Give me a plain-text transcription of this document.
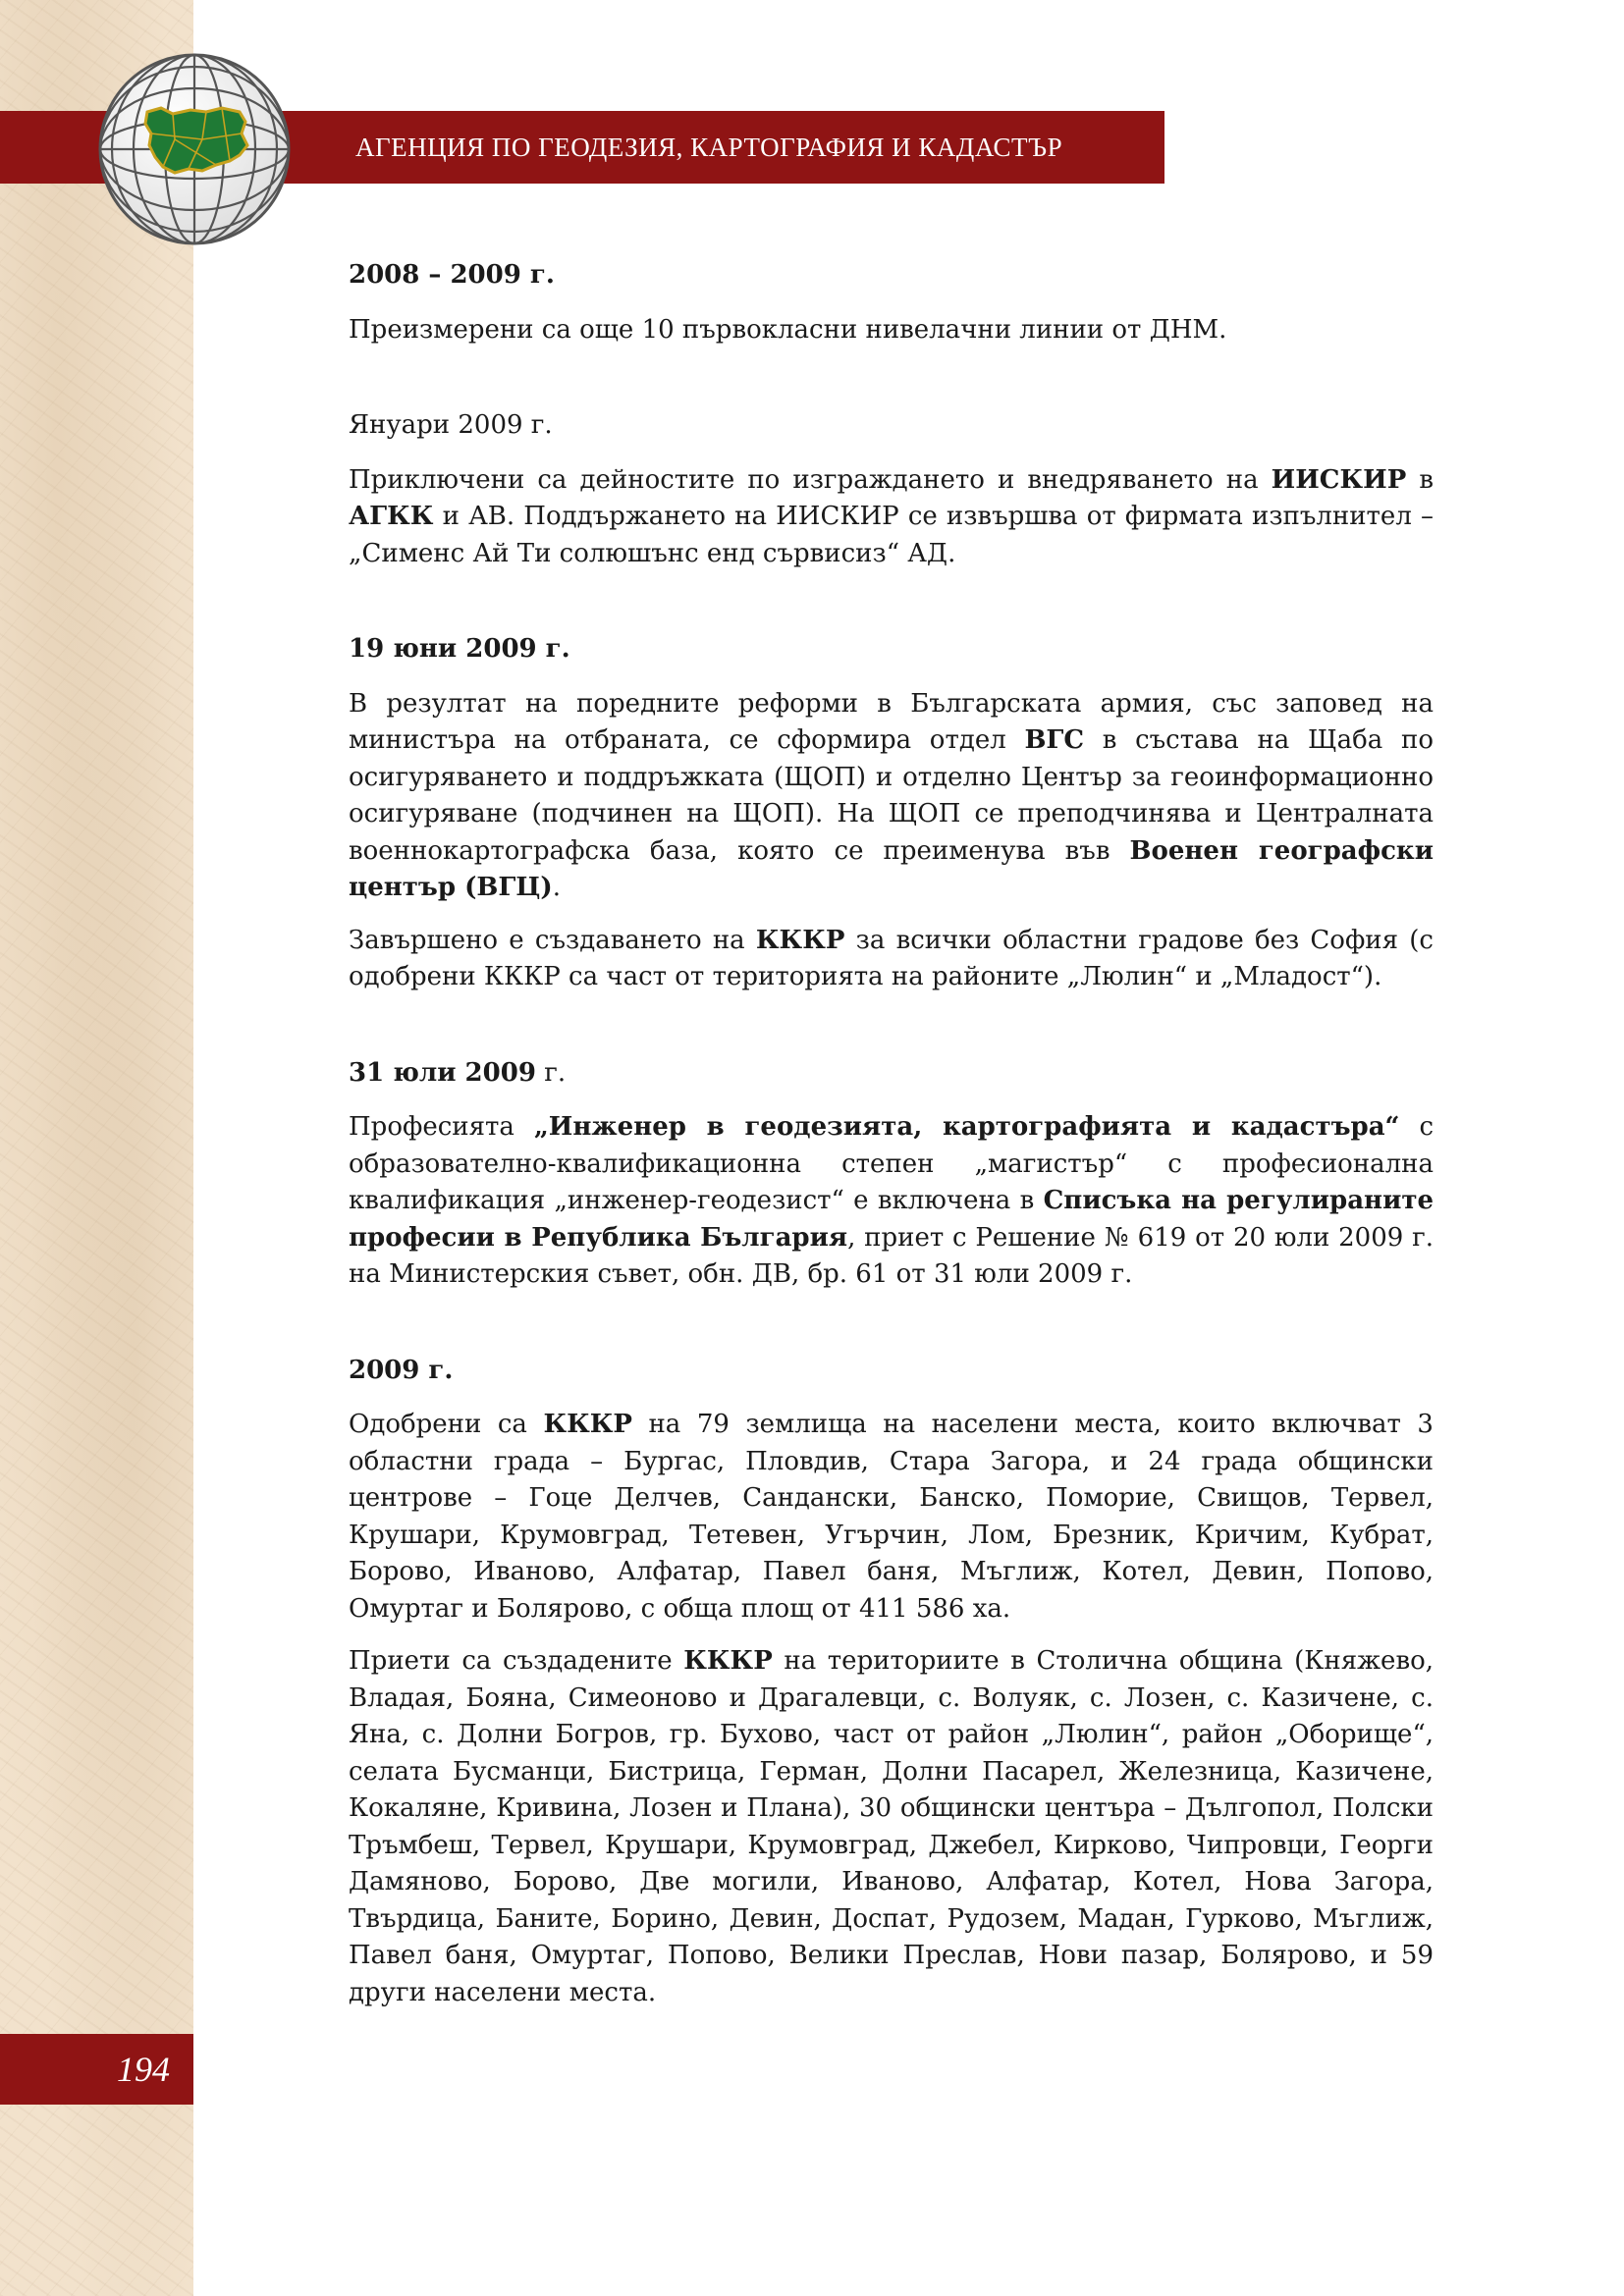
АГЕНЦИЯ ПО ГЕОДЕЗИЯ, КАРТОГРАФИЯ И КАДАСТЪР

2008 – 2009 г.

Преизмерени са още 10 първокласни нивелачни линии от ДНМ.

Януари 2009 г.

Приключени са дейностите по изграждането и внедряването на ИИСКИР в АГКК и АВ. Поддържането на ИИСКИР се извършва от фирмата изпълнител – „Сименс Ай Ти солюшънс енд сървисиз“ АД.

19 юни 2009 г.

В резултат на поредните реформи в Българската армия, със заповед на министъра на отбраната, се сформира отдел ВГС в състава на Щаба по осигуряването и поддръжката (ЩОП) и отделно Център за геоинформационно осигуряване (подчинен на ЩОП). На ЩОП се преподчинява и Централната военнокартографска база, която се преименува във Военен географски център (ВГЦ).

Завършено е създаването на КККР за всички областни градове без София (с одобрени КККР са част от територията на районите „Люлин“ и „Младост“).

31 юли 2009 г.

Професията „Инженер в геодезията, картографията и кадастъра“ с образователно-квалификационна степен „магистър“ с професионална квалификация „инженер-геодезист“ е включена в Списъка на регулираните професии в Република България, приет с Решение № 619 от 20 юли 2009 г. на Министерския съвет, обн. ДВ, бр. 61 от 31 юли 2009 г.

2009 г.

Одобрени са КККР на 79 землища на населени места, които включват 3 областни града – Бургас, Пловдив, Стара Загора, и 24 града общински центрове – Гоце Делчев, Сандански, Банско, Поморие, Свищов, Тервел, Крушари, Крумовград, Тетевен, Угърчин, Лом, Брезник, Кричим, Кубрат, Борово, Иваново, Алфатар, Павел баня, Мъглиж, Котел, Девин, Попово, Омуртаг и Болярово, с обща площ от 411 586 ха.

Приети са създадените КККР на териториите в Столична община (Княжево, Владая, Бояна, Симеоново и Драгалевци, с. Волуяк, с. Лозен, с. Казичене, с. Яна, с. Долни Богров, гр. Бухово, част от район „Люлин“, район „Оборище“, селата Бусманци, Бистрица, Герман, Долни Пасарел, Железница, Казичене, Кокаляне, Кривина, Лозен и Плана), 30 общински центъра – Дългопол, Полски Тръмбеш, Тервел, Крушари, Крумовград, Джебел, Кирково, Чипровци, Георги Дамяново, Борово, Две могили, Иваново, Алфатар, Котел, Нова Загора, Твърдица, Баните, Борино, Девин, Доспат, Рудозем, Мадан, Гурково, Мъглиж, Павел баня, Омуртаг, Попово, Велики Преслав, Нови пазар, Болярово, и 59 други населени места.

194
